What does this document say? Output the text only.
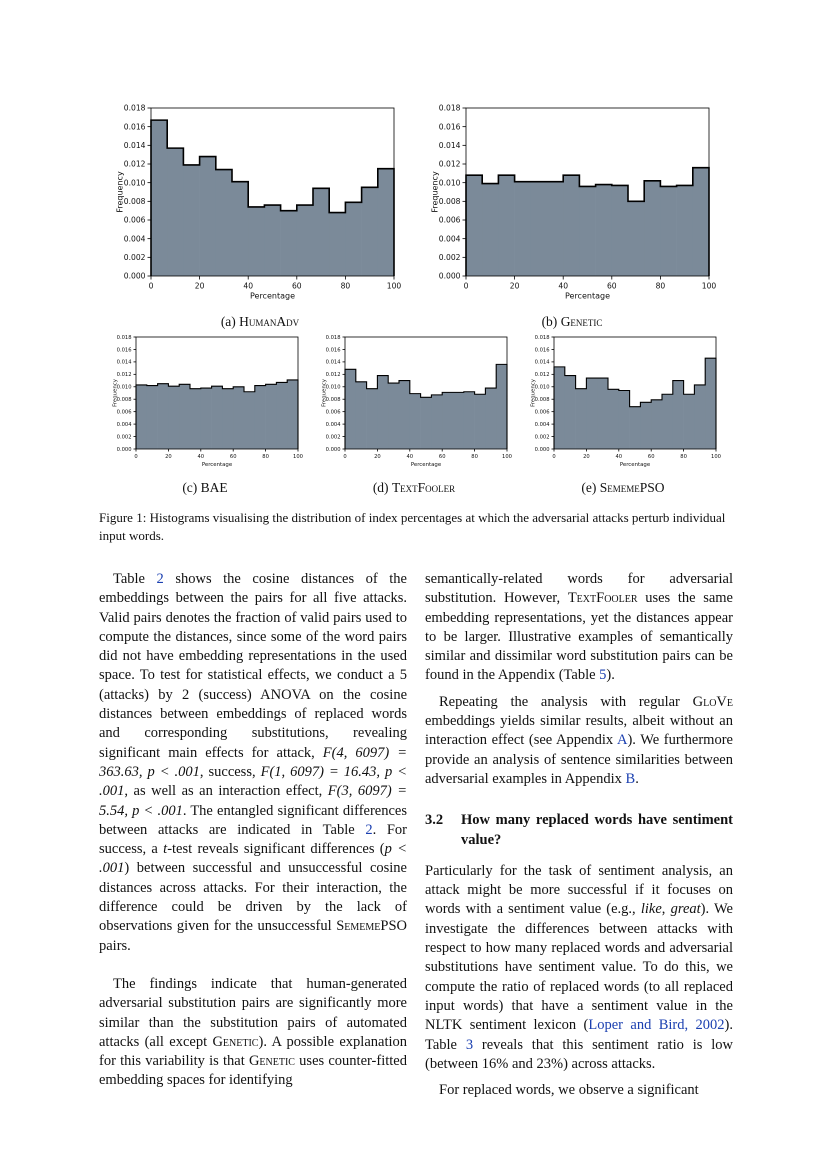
0	20	40	60	80	100
0.000
0.002
0.004
0.006
0.008
0.010
0.012
0.014
0.016
0.018
Percentage
Frequency
0	20	40	60	80	100
0.000
0.002
0.004
0.006
0.008
0.010
0.012
0.014
0.016
0.018
Percentage
Frequency
0	20	40	60	80	100
0.000
0.002
0.004
0.006
0.008
0.010
0.012
0.014
0.016
0.018
Percentage
Frequency
0	20	40	60	80	100
0.000
0.002
0.004
0.006
0.008
0.010
0.012
0.014
0.016
0.018
Percentage
Frequency
0	20	40	60	80	100
0.000
0.002
0.004
0.006
0.008
0.010
0.012
0.014
0.016
0.018
Percentage
Frequency
(a) HumanAdv	(b) Genetic
(c) BAE	(d) TextFooler	(e) SememePSO
Figure 1: Histograms visualising the distribution of index percentages at which the adversarial attacks perturb individual input words.

Table 2 shows the cosine distances of the embeddings between the pairs for all five attacks. Valid pairs denotes the fraction of valid pairs used to compute the distances, since some of the word pairs did not have embedding representations in the used space. To test for statistical effects, we conduct a 5 (attacks) by 2 (success) ANOVA on the cosine distances between embeddings of replaced words and corresponding substitutions, revealing significant main effects for attack, F(4, 6097) = 363.63, p < .001, success, F(1, 6097) = 16.43, p < .001, as well as an interaction effect, F(3, 6097) = 5.54, p < .001. The entangled significant differences between attacks are indicated in Table 2. For success, a t-test reveals significant differences (p < .001) between successful and unsuccessful cosine distances across attacks. For their interaction, the difference could be driven by the lack of observations given for the unsuccessful SememePSO pairs.

The findings indicate that human-generated adversarial substitution pairs are significantly more similar than the substitution pairs of automated attacks (all except Genetic). A possible explanation for this variability is that Genetic uses counter-fitted embedding spaces for identifying

semantically-related words for adversarial substitution. However, TextFooler uses the same embedding representations, yet the distances appear to be larger. Illustrative examples of semantically similar and dissimilar word substitution pairs can be found in the Appendix (Table 5).

Repeating the analysis with regular GloVe embeddings yields similar results, albeit without an interaction effect (see Appendix A). We furthermore provide an analysis of sentence similarities between adversarial examples in Appendix B.

3.2	How many replaced words have sentiment value?

Particularly for the task of sentiment analysis, an attack might be more successful if it focuses on words with a sentiment value (e.g., like, great). We investigate the differences between attacks with respect to how many replaced words and adversarial substitutions have sentiment value. To do this, we compute the ratio of replaced words (to all replaced input words) that have a sentiment value in the NLTK sentiment lexicon (Loper and Bird, 2002). Table 3 reveals that this sentiment ratio is low (between 16% and 23%) across attacks.

For replaced words, we observe a significant
